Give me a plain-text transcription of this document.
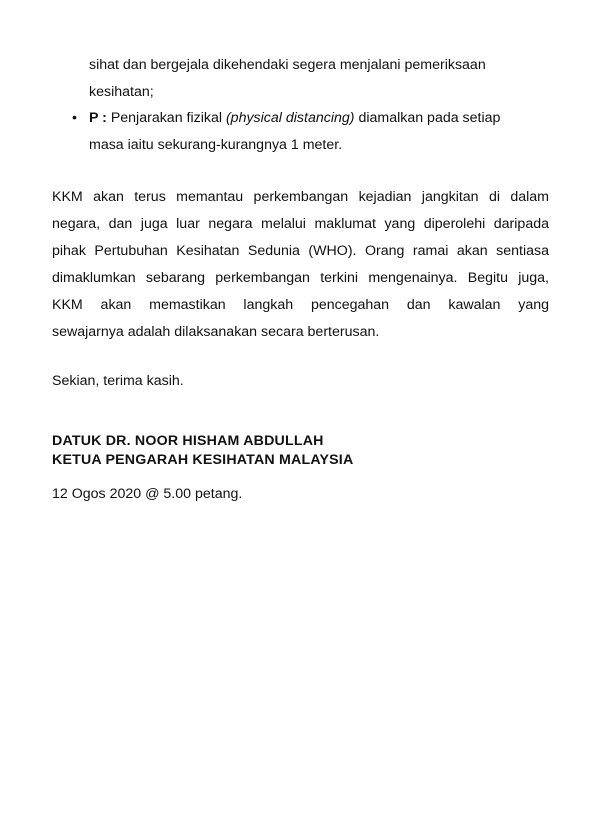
sihat dan bergejala dikehendaki segera menjalani pemeriksaan
kesihatan;
• P : Penjarakan fizikal (physical distancing) diamalkan pada setiap
masa iaitu sekurang-kurangnya 1 meter.
KKM akan terus memantau perkembangan kejadian jangkitan di dalam
negara, dan juga luar negara melalui maklumat yang diperolehi daripada
pihak Pertubuhan Kesihatan Sedunia (WHO). Orang ramai akan sentiasa
dimaklumkan sebarang perkembangan terkini mengenainya. Begitu juga,
KKM akan memastikan langkah pencegahan dan kawalan yang
sewajarnya adalah dilaksanakan secara berterusan.
Sekian, terima kasih.
DATUK DR. NOOR HISHAM ABDULLAH
KETUA PENGARAH KESIHATAN MALAYSIA
12 Ogos 2020 @ 5.00 petang.
